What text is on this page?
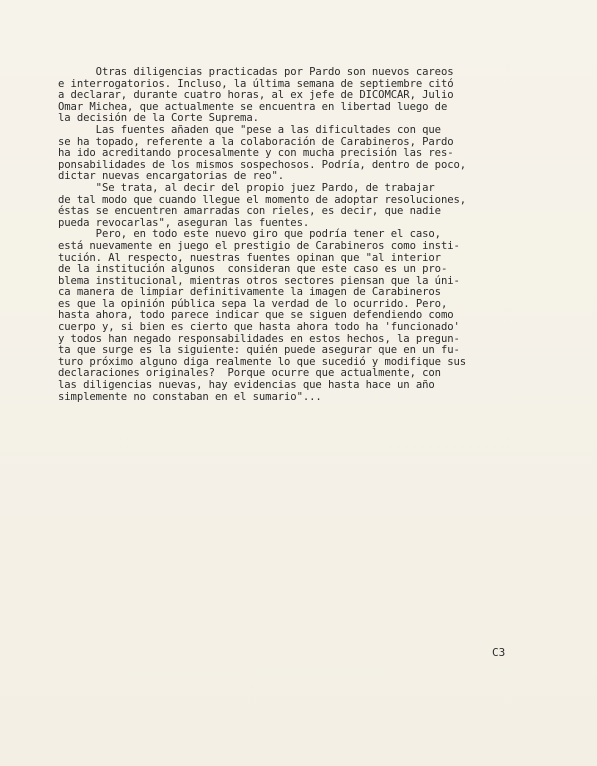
Otras diligencias practicadas por Pardo son nuevos careos
e interrogatorios. Incluso, la última semana de septiembre citó
a declarar, durante cuatro horas, al ex jefe de DICOMCAR, Julio
Omar Michea, que actualmente se encuentra en libertad luego de
la decisión de la Corte Suprema.
Las fuentes añaden que "pese a las dificultades con que
se ha topado, referente a la colaboración de Carabineros, Pardo
ha ido acreditando procesalmente y con mucha precisión las res-
ponsabilidades de los mismos sospechosos. Podría, dentro de poco,
dictar nuevas encargatorias de reo".
"Se trata, al decir del propio juez Pardo, de trabajar
de tal modo que cuando llegue el momento de adoptar resoluciones,
éstas se encuentren amarradas con rieles, es decir, que nadie
pueda revocarlas", aseguran las fuentes.
Pero, en todo este nuevo giro que podría tener el caso,
está nuevamente en juego el prestigio de Carabineros como insti-
tución. Al respecto, nuestras fuentes opinan que "al interior
de la institución algunos  consideran que este caso es un pro-
blema institucional, mientras otros sectores piensan que la úni-
ca manera de limpiar definitivamente la imagen de Carabineros
es que la opinión pública sepa la verdad de lo ocurrido. Pero,
hasta ahora, todo parece indicar que se siguen defendiendo como
cuerpo y, si bien es cierto que hasta ahora todo ha 'funcionado'
y todos han negado responsabilidades en estos hechos, la pregun-
ta que surge es la siguiente: quién puede asegurar que en un fu-
turo próximo alguno diga realmente lo que sucedió y modifique sus
declaraciones originales?  Porque ocurre que actualmente, con
las diligencias nuevas, hay evidencias que hasta hace un año
simplemente no constaban en el sumario"...
C3
